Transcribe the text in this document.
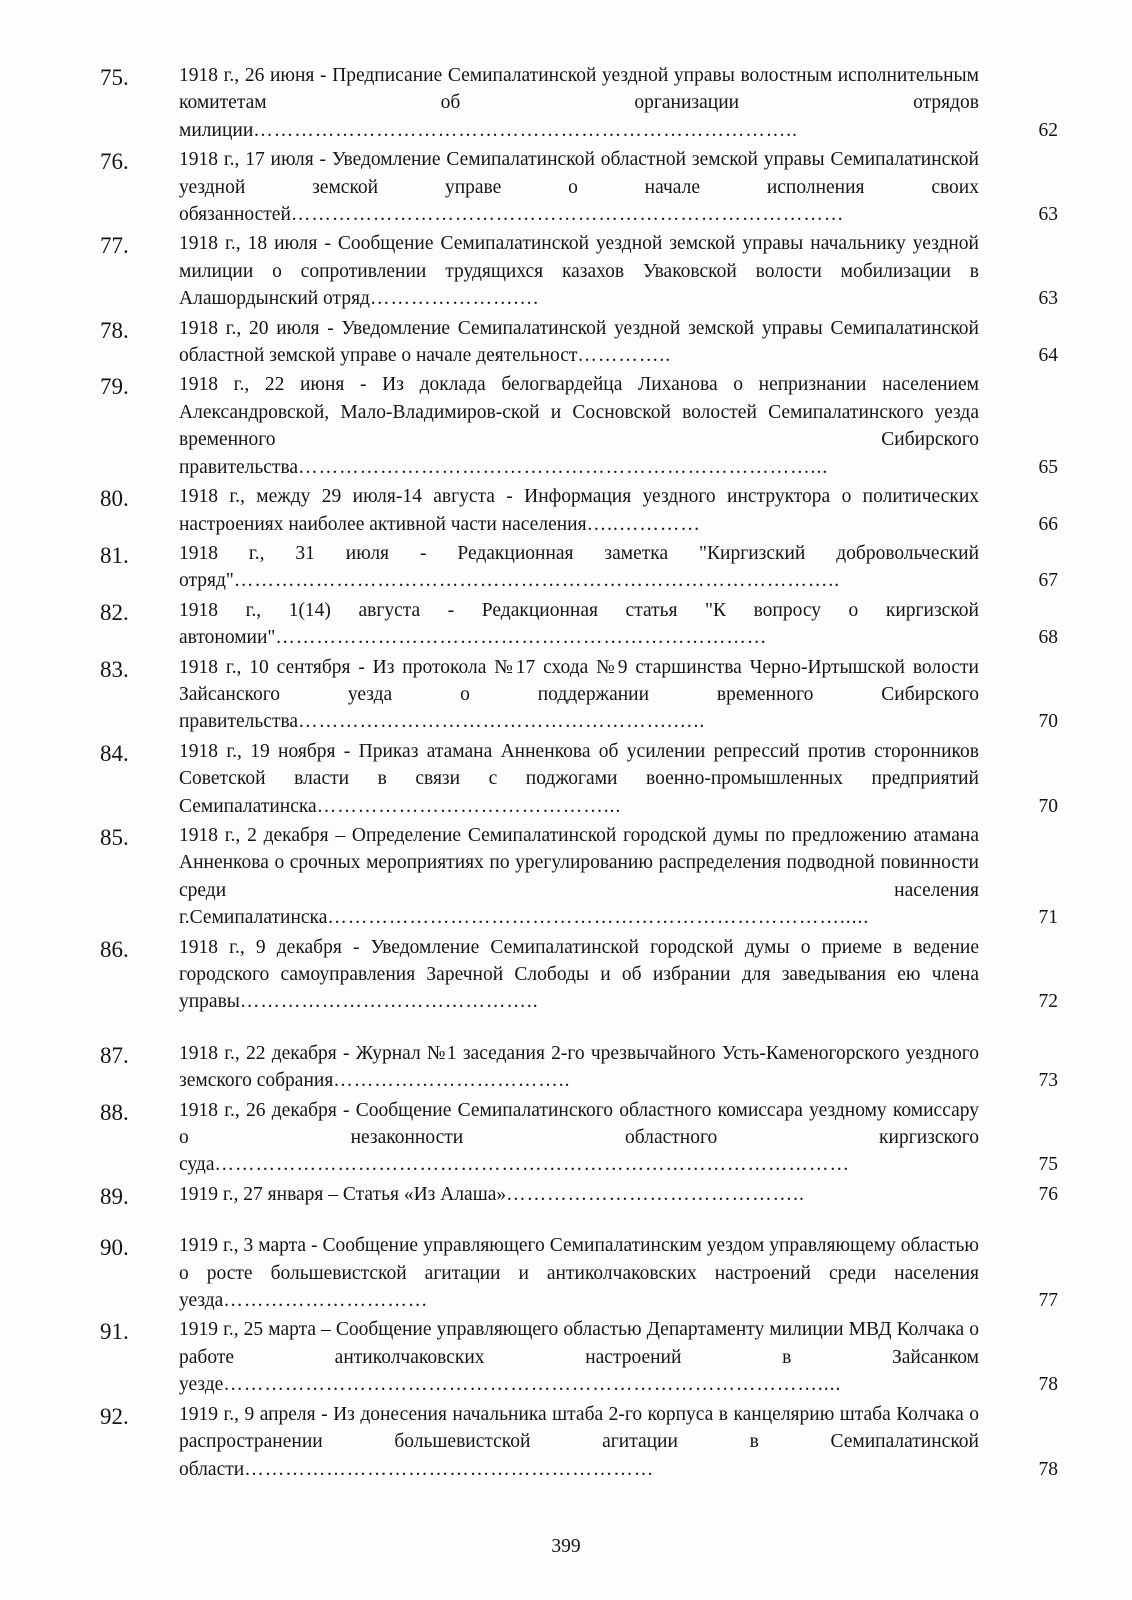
75.	1918 г., 26 июня - Предписание Семипалатинской уездной управы волостным исполнительным комитетам об организации отрядов милиции……………………………………………………………………..	62
76.	1918 г., 17 июля - Уведомление Семипалатинской областной земской управы Семипалатинской уездной земской управе о начале исполнения своих обязанностей………………………………………………………………………	63
77.	1918 г., 18 июля - Сообщение Семипалатинской уездной земской управы начальнику уездной милиции о сопротивлении трудящихся казахов Уваковской волости мобилизации в Алашордынский отряд………………….…	63
78.	1918 г., 20 июля - Уведомление Семипалатинской уездной земской управы Семипалатинской областной земской управе о начале деятельност…………..	64
79.	1918 г., 22 июня - Из доклада белогвардейца Лиханова о непризнании населением Александровской, Мало-Владимиров-ской и Сосновской волостей Семипалатинского уезда временного Сибирского правительства…………………………………………………………………...	65
80.	1918 г., между 29 июля-14 августа - Информация уездного инструктора о политических настроениях наиболее активной части населения…..…………	66
81.	1918 г., 31 июля - Редакционная заметка "Киргизский добровольческий отряд"……………………………………………………………………………..	67
82.	1918 г., 1(14) августа - Редакционная статья "К вопросу о киргизской автономии"………………………………………………………………	68
83.	1918 г., 10 сентября - Из протокола №17 схода №9 старшинства Черно-Иртышской волости Зайсанского уезда о поддержании временного Сибирского правительства……………………………………………….…..	70
84.	1918 г., 19 ноября - Приказ атамана Анненкова об усилении репрессий против сторонников Советской власти в связи с поджогами военно-промышленных предприятий Семипалатинска……………………………………...	70
85.	1918 г., 2 декабря – Определение Семипалатинской городской думы по предложению атамана Анненкова о срочных мероприятиях по урегулированию распределения подводной повинности среди населения г.Семипалатинска………………………………………………………………….....	71
86.	1918 г., 9 декабря - Уведомление Семипалатинской городской думы о приеме в ведение городского самоуправления Заречной Слободы и об избрании для заведывания ею члена управы……………………………………..	72
87.	1918 г., 22 декабря - Журнал №1 заседания 2-го чрезвычайного Усть-Каменогорского уездного земского собрания……………………………..	73
88.	1918 г., 26 декабря - Сообщение Семипалатинского областного комиссара уездному комиссару о незаконности областного киргизского суда…………………………………………………………………………………	75
89.	1919 г., 27 января – Статья «Из Алаша»……………………………………..	76
90.	1919 г., 3 марта - Сообщение управляющего Семипалатинским уездом управляющему областью о росте большевистской агитации и антиколчаковских настроений среди населения уезда…………………………	77
91.	1919 г., 25 марта – Сообщение управляющего областью Департаменту милиции МВД Колчака о работе антиколчаковских настроений в Зайсанком уезде……………………………………………………………………………....	78
92.	1919 г., 9 апреля - Из донесения начальника штаба 2-го корпуса в канцелярию штаба Колчака о распространении большевистской агитации в Семипалатинской области……………………………………………………	78
399
